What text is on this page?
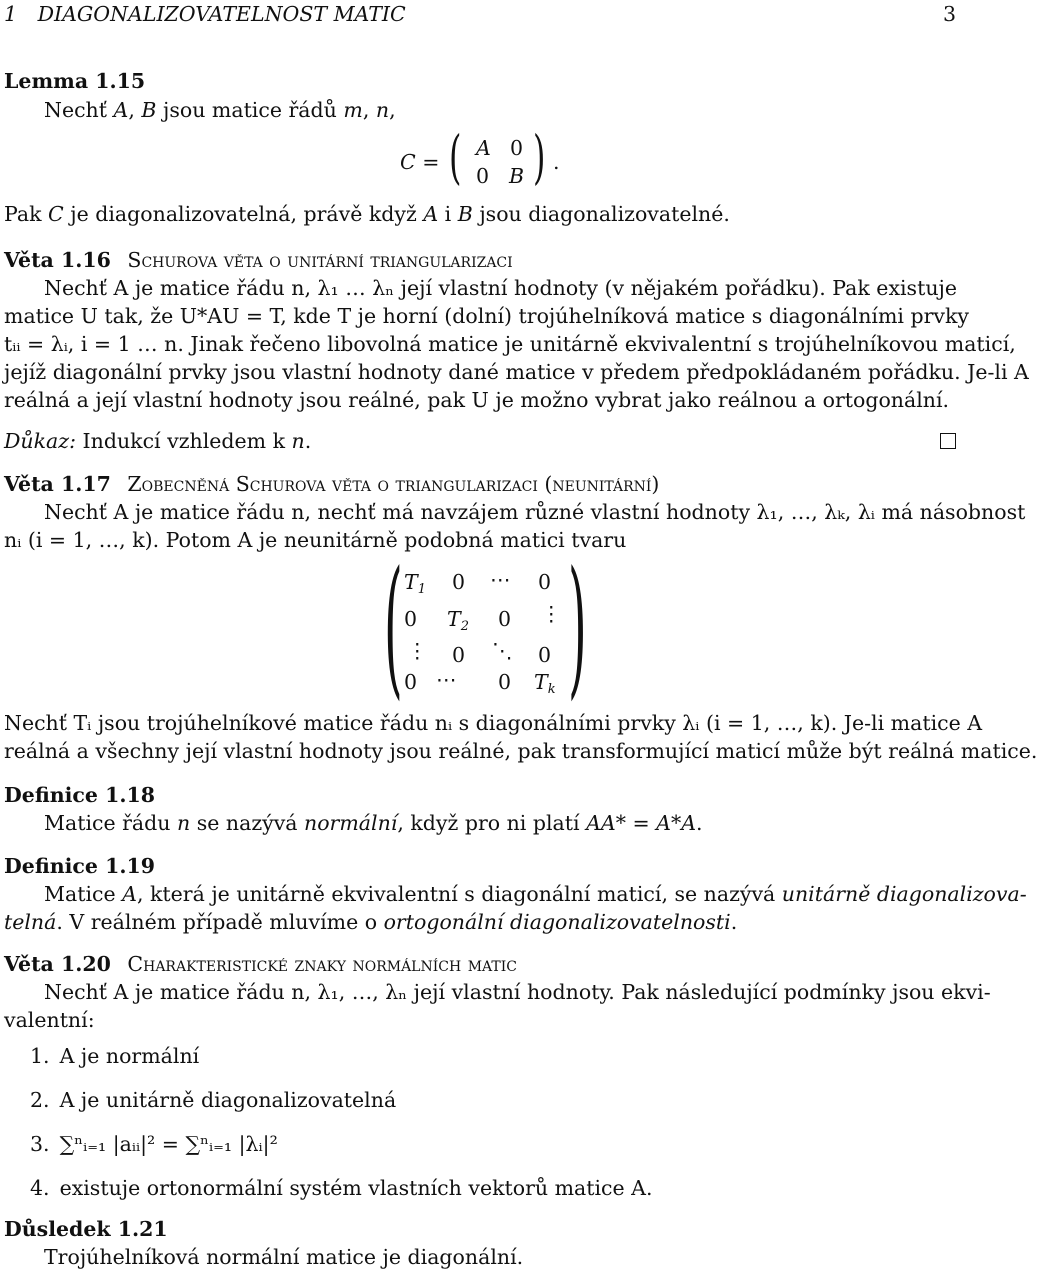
1 DIAGONALIZOVATELNOST MATIC	3
Lemma 1.15
Nechť A, B jsou matice řádů m, n,
C = ( A 0
0 B ) .
Pak C je diagonalizovatelná, právě když A i B jsou diagonalizovatelné.
Věta 1.16 Schurova věta o unitární triangularizaci
Nechť A je matice řádu n, λ₁ … λₙ její vlastní hodnoty (v nějakém pořádku). Pak existuje
matice U tak, že U*AU = T, kde T je horní (dolní) trojúhelníková matice s diagonálními prvky
tᵢᵢ = λᵢ, i = 1 … n. Jinak řečeno libovolná matice je unitárně ekvivalentní s trojúhelníkovou maticí,
jejíž diagonální prvky jsou vlastní hodnoty dané matice v předem předpokládaném pořádku. Je-li A
reálná a její vlastní hodnoty jsou reálné, pak U je možno vybrat jako reálnou a ortogonální.
Důkaz: Indukcí vzhledem k n.
Věta 1.17 Zobecněná Schurova věta o triangularizaci (neunitární)
Nechť A je matice řádu n, nechť má navzájem různé vlastní hodnoty λ₁, …, λₖ, λᵢ má násobnost
nᵢ (i = 1, …, k). Potom A je neunitárně podobná matici tvaru
( )
$T_1$ 0 ⋯ 0
0 $T_2$ 0 ⋮
⋮ 0 ⋱ 0
0 ⋯ 0 $T_k$
Nechť Tᵢ jsou trojúhelníkové matice řádu nᵢ s diagonálními prvky λᵢ (i = 1, …, k). Je-li matice A
reálná a všechny její vlastní hodnoty jsou reálné, pak transformující maticí může být reálná matice.
Definice 1.18
Matice řádu n se nazývá normální, když pro ni platí AA* = A*A.
Definice 1.19
Matice A, která je unitárně ekvivalentní s diagonální maticí, se nazývá unitárně diagonalizova-
telná. V reálném případě mluvíme o ortogonální diagonalizovatelnosti.
Věta 1.20 Charakteristické znaky normálních matic
Nechť A je matice řádu n, λ₁, …, λₙ její vlastní hodnoty. Pak následující podmínky jsou ekvi-
valentní:
1. A je normální
2. A je unitárně diagonalizovatelná
3. ∑ⁿᵢ₌₁ |aᵢᵢ|² = ∑ⁿᵢ₌₁ |λᵢ|²
4. existuje ortonormální systém vlastních vektorů matice A.
Důsledek 1.21
Trojúhelníková normální matice je diagonální.
